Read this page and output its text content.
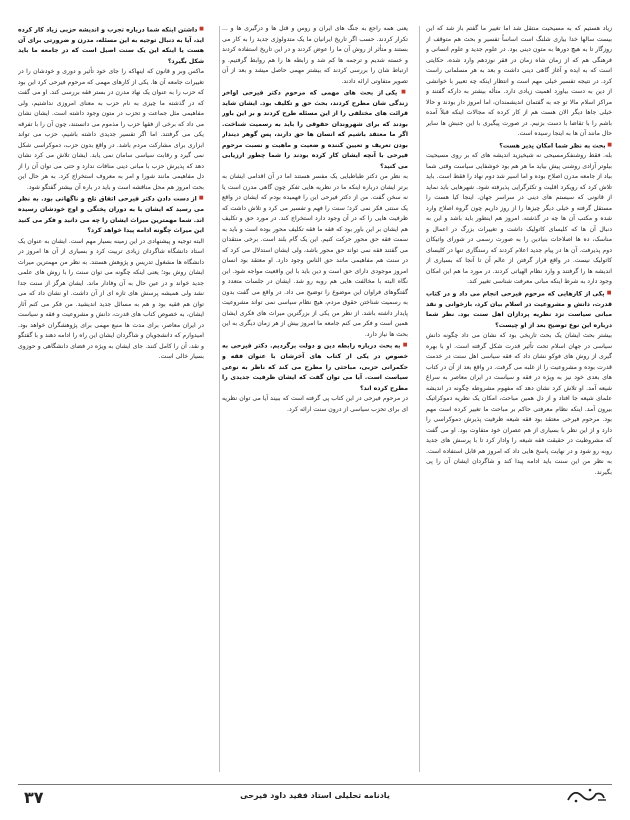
زیاد هستیم که به مسیحیت منتقل شد اما تغییر ما گفتم باز شد که این بیست سالها خدا بیاری شلنگ است اساساً تفسیر و بحث هم متوقف از روزگار تا به هیچ دورها به متون دینی بود. در علوم جدید و علوم انسانی و فرهنگی هم که از زمان شاه زمان در فقر نوزدهم وارد شده، حکایتی است که به ایده و آغاز گاهی دینی داشت و بعد به هر مسلمانی راست کرد. در نتیجه تفسیر خیلی مهم است و انتظار اینکه چه تعبیر با خوانشی از دین به دست بیاورد اهمیت زیادی دارد. متأله بیشتر به دارکه گفتند و مراکز اسلام مالا تو جه به گفتمان اندیشمندان، اما امروز دار بودند و حالا خیلی جاها دیگر الان هست هم از کار کرده که مجالات اینکه قبلاً آمده باشم را با تقاضا با دست بزنیم. در صورت پیگیری با این جنبش ها سایر حال مانند آن ها به اینجا رسیده است.

■ بحث به نظر شما امکان پذیر هست؟

بله. فقط روشنفکرمسیحی نه شیخیزید اندیشه های که بر روی مسیحیت بیلوتر آزادی روشنی پیش بیاید ما هر هم بود خوشفایی سیاست وقتی شما بیاد از جامعه مدرن اصلاح بوده و اما اسیر شد دوم نهاد را فقط است. باید تلاش کرد که رویکرد اقلیت و تکثرگرایی پذیرفته شود. شهرهایی باید نماید از قانونی که سیستم های دینی در سراسر جهان. اینجا کیا هست را مستقل گرفته و خیلی دیگر چیزها را از روز داریم چون گروه اصلاح وارد شده و مکتب آن ها چه در گذشته. امروز هم اینطور باید باشد و این به دنبال آن ها که کلیسای کاتولیک داشت و تغییرات بزرگ در اعمال و مناسک، ده ها اصلاحات بنیادین را به صورت رسمی در شورای واتیکان دوم پذیرفت. آن ها در پیام جدید اعلام کردند که رستگاری تنها در کلیسای کاتولیک نیست. در واقع قرار گرفتن از عالم آن تا آنجا که بسیاری از اندیشه ها را گرفتند و وارد نظام الهیاتی کردند. در مورد ما هم این امکان وجود دارد به شرط اینکه مبانی معرفت شناسی تغییر کند.

■ یکی از کارهایی که مرحوم فیرحی انجام می داد و در کتاب قدرت، دانش و مشروعیت در اسلام بیان کرد، بازخوانی و نقد مبانی سیاست نزد نظریه پردازان اهل سنت بود. نظر شما درباره این نوع توضیح بعد از او چیست؟

بیشتر بحث ایشان یک بحث تاریخی بود که نشان می داد چگونه دانش سیاسی در جهان اسلام تحت تأثیر قدرت شکل گرفته است. او با بهره گیری از روش های فوکو نشان داد که فقه سیاسی اهل سنت در خدمت قدرت بوده و مشروعیت را از غلبه می گرفت. در واقع بعد از آن در کتاب های بعدی خود نیز به ویژه در فقه و سیاست در ایران معاصر به سراغ شیعه آمد. او تلاش کرد نشان دهد که مفهوم مشروطه چگونه در اندیشه علمای شیعه جا افتاد و از دل همین مباحث، امکان یک نظریه دموکراتیک بیرون آمد. اینکه نظام معرفتی حاکم بر مباحث ما تغییر کرده است مهم بود. مرحوم فیرحی معتقد بود فقه شیعه ظرفیت پذیرش دموکراسی را دارد و از این نظر با بسیاری از هم عصران خود متفاوت بود. او می گفت که مشروطیت در حقیقت فقه شیعه را وادار کرد تا با پرسش های جدید روبه رو شود و در نهایت پاسخ هایی داد که امروز هم قابل استفاده است. به نظر من این سنت باید ادامه پیدا کند و شاگردان ایشان آن را پی بگیرند.

یعنی همه راجع به جنگ های ایران و روس و قتل ها و درگیری ها و ... تکرار کردند. حسب اگر تاریخ ایرانیان ما یک متدولوژی جدید را به کار می بستند و متأثر از روش آن ما را عوض کردند و در این تاریخ استفاده کردند و خسته شدیم و ترجمه ها کم شد و رابطه ها را هم روابط گرفتیم. و ارتباط شان را بررسی کردند که بیشتر مهمی حاصل میشد و بعد از آن تصویر متفاوتی ارائه دادند.

■ یکی از بحث های مهمی که مرحوم دکتر فیرحی اواخر زندگی شان مطرح کردند، بحث حق و تکلیف بود. ایشان شاید قرائت های مختلفی را از این مسئله طرح کردند و بر این باور بودند که برای شهروندان حقوقی را باید به رسمیت شناخت. اگر ما معتقد باشیم که انسان ها حق دارند، پس گوهر دیندار بودن تعریف و تعیین کننده و ضعیت و ماهیت و نسبت مرحوم فیرحی با آنچه ایشان کار کرده بودند را شما چطور ارزیابی می کنید؟

به نظر من دکتر طباطبایی یک مفسر هستند اما در آن اقدامی ایشان به برتر ایشان درباره اینکه ما در نظریه هایی تفکر چون گاهی مدرن است یا نه سخن گفت. من از دکتر فیرحی این را فهمیده بودم که ایشان در واقع یک سنتی فکر نمی کرد؛ سنت را فهم و تفسیر می کرد و تلاش داشت که ظرفیت هایی را که در آن وجود دارد استخراج کند. در مورد حق و تکلیف هم ایشان بر این باور بود که فقه ما فقه تکلیف محور بوده است و باید به سمت فقه حق محور حرکت کنیم. این یک گام بلند است. برخی منتقدان می گفتند فقه نمی تواند حق محور باشد، ولی ایشان استدلال می کرد که در سنت هم مفاهیمی مانند حق الناس وجود دارد. او معتقد بود انسان امروز موجودی دارای حق است و دین باید با این واقعیت مواجه شود. این نگاه البته با مخالفت هایی هم روبه رو شد. ایشان در جلسات متعدد و گفتگوهای فراوان این موضوع را توضیح می داد. در واقع می گفت بدون به رسمیت شناختن حقوق مردم، هیچ نظام سیاسی نمی تواند مشروعیت پایدار داشته باشد. از نظر من یکی از بزرگترین میراث های فکری ایشان همین است و فکر می کنم جامعه ما امروز بیش از هر زمان دیگری به این بحث ها نیاز دارد.

■ به بحث درباره رابطه دین و دولت برگردیم. دکتر فیرحی به خصوص در یکی از کتاب های آخرشان با عنوان فقه و حکمرانی حزبی، مباحثی را مطرح می کند که ناظر به نوعی سیاست است. آیا می توان گفت که ایشان ظرفیت جدیدی را مطرح کرده اند؟

در مرحوم فیرحی در این کتاب پی گرفته است که ببیند آیا می توان نظریه ای برای تحزب سیاسی از درون سنت ارائه کرد.

■ داشتن اینکه شما درباره تجرب و اندیشه حزبی زیاد کار کرده اید، آیا به دنبال توجیه به این مسئله، مدرن و ضرورتی برای آن هست یا اینکه این یک سنت اصیل است که در جامعه ما باید شکل بگیرد؟

ماکس وبر و قانون که اینهاکه را جای خود تأثیر و دوری و خودشان را در تغییرات جامعه آن ها. یکی از کارهای مهمی که مرحوم فیرحی کرد این بود که حزب را به عنوان یک نهاد مدرن در بستر فقه بررسی کند. او می گفت که در گذشته ما چیزی به نام حزب به معنای امروزی نداشتیم، ولی مفاهیمی مثل جماعت و تحزب در متون وجود داشته است. ایشان نشان می داد که برخی از فقها حزب را مذموم می دانستند، چون آن را با تفرقه یکی می گرفتند. اما اگر تفسیر جدیدی داشته باشیم، حزب می تواند ابزاری برای مشارکت مردم باشد. در واقع بدون حزب، دموکراسی شکل نمی گیرد و رقابت سیاسی سامان نمی یابد. ایشان تلاش می کرد نشان دهد که پذیرش حزب با مبانی دینی منافات ندارد و حتی می توان آن را از دل مفاهیمی مانند شورا و امر به معروف استخراج کرد. به هر حال این بحث امروز هم محل مناقشه است و باید در باره آن بیشتر گفتگو شود.

■ از دست دادن دکتر فیرحی اتفاق تلخ و ناگهانی بود. به نظر می رسید که ایشان با به دوران پختگی و اوج خودشان رسیده اند. شما مهمترین میراث ایشان را چه می دانید و فکر می کنید این میراث چگونه ادامه پیدا خواهد کرد؟

البته توجیه و پیشنهادی در این زمینه بسیار مهم است. ایشان به عنوان یک استاد دانشگاه شاگردان زیادی تربیت کرد و بسیاری از آن ها امروز در دانشگاه ها مشغول تدریس و پژوهش هستند. به نظر من مهمترین میراث ایشان روش بود؛ یعنی اینکه چگونه می توان سنت را با روش های علمی جدید خواند و در عین حال به آن وفادار ماند. ایشان هرگز از سنت جدا نشد ولی همیشه پرسش های تازه ای از آن داشت. او نشان داد که می توان هم فقیه بود و هم به مسائل جدید اندیشید. من فکر می کنم آثار ایشان، به خصوص کتاب های قدرت، دانش و مشروعیت و فقه و سیاست در ایران معاصر، برای مدت ها منبع مهمی برای پژوهشگران خواهد بود. امیدوارم که دانشجویان و شاگردان ایشان این راه را ادامه دهند و با گفتگو و نقد، آن را کامل کنند. جای ایشان به ویژه در فضای دانشگاهی و حوزوی بسیار خالی است.

۳۷	یادنامه تحلیلی استاد فقید داود فیرحی
